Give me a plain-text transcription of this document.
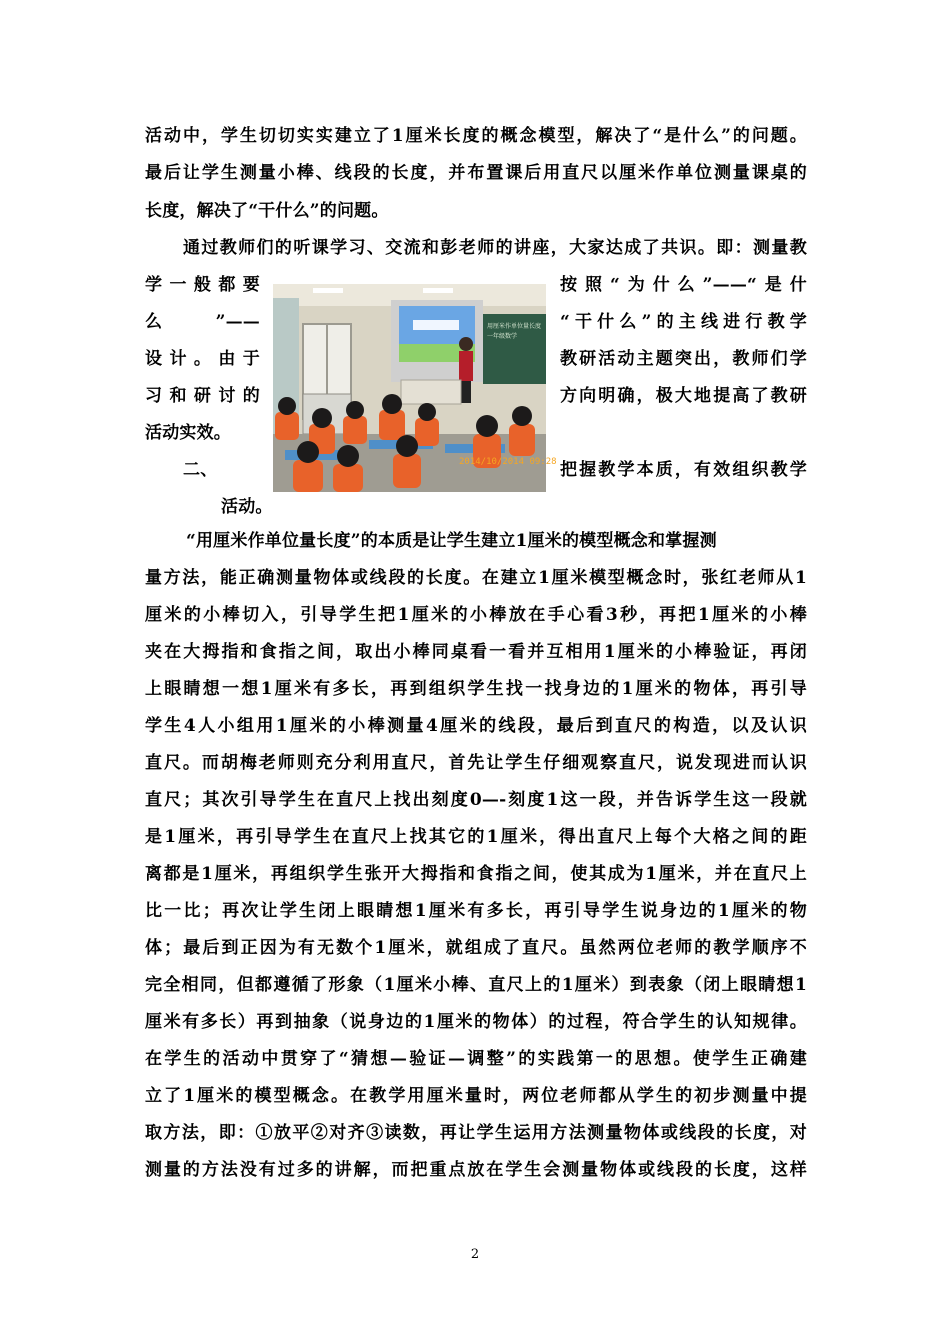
活动中，学生切切实实建立了1厘米长度的概念模型，解决了“是什么”的问题。
最后让学生测量小棒、线段的长度，并布置课后用直尺以厘米作单位测量课桌的
长度，解决了“干什么”的问题。
通过教师们的听课学习、交流和彭老师的讲座，大家达成了共识。即：测量教
学一般都要
么”——
设计。由于
习和研讨的
活动实效。
二、
按照“为什么”——“是什
“干什么”的主线进行教学
教研活动主题突出，教师们学
方向明确，极大地提高了教研
把握教学本质，有效组织教学
活动。
用厘米作单位量长度
一年级数学
2014/10/2014 09:28
“用厘米作单位量长度”的本质是让学生建立1厘米的模型概念和掌握测
量方法，能正确测量物体或线段的长度。在建立1厘米模型概念时，张红老师从1
厘米的小棒切入，引导学生把1厘米的小棒放在手心看3秒，再把1厘米的小棒
夹在大拇指和食指之间，取出小棒同桌看一看并互相用1厘米的小棒验证，再闭
上眼睛想一想1厘米有多长，再到组织学生找一找身边的1厘米的物体，再引导
学生4人小组用1厘米的小棒测量4厘米的线段，最后到直尺的构造，以及认识
直尺。而胡梅老师则充分利用直尺，首先让学生仔细观察直尺，说发现进而认识
直尺；其次引导学生在直尺上找出刻度0—-刻度1这一段，并告诉学生这一段就
是1厘米，再引导学生在直尺上找其它的1厘米，得出直尺上每个大格之间的距
离都是1厘米，再组织学生张开大拇指和食指之间，使其成为1厘米，并在直尺上
比一比；再次让学生闭上眼睛想1厘米有多长，再引导学生说身边的1厘米的物
体；最后到正因为有无数个1厘米，就组成了直尺。虽然两位老师的教学顺序不
完全相同，但都遵循了形象（1厘米小棒、直尺上的1厘米）到表象（闭上眼睛想1
厘米有多长）再到抽象（说身边的1厘米的物体）的过程，符合学生的认知规律。
在学生的活动中贯穿了“猜想—验证—调整”的实践第一的思想。使学生正确建
立了1厘米的模型概念。在教学用厘米量时，两位老师都从学生的初步测量中提
取方法，即：①放平②对齐③读数，再让学生运用方法测量物体或线段的长度，对
测量的方法没有过多的讲解，而把重点放在学生会测量物体或线段的长度，这样
2
